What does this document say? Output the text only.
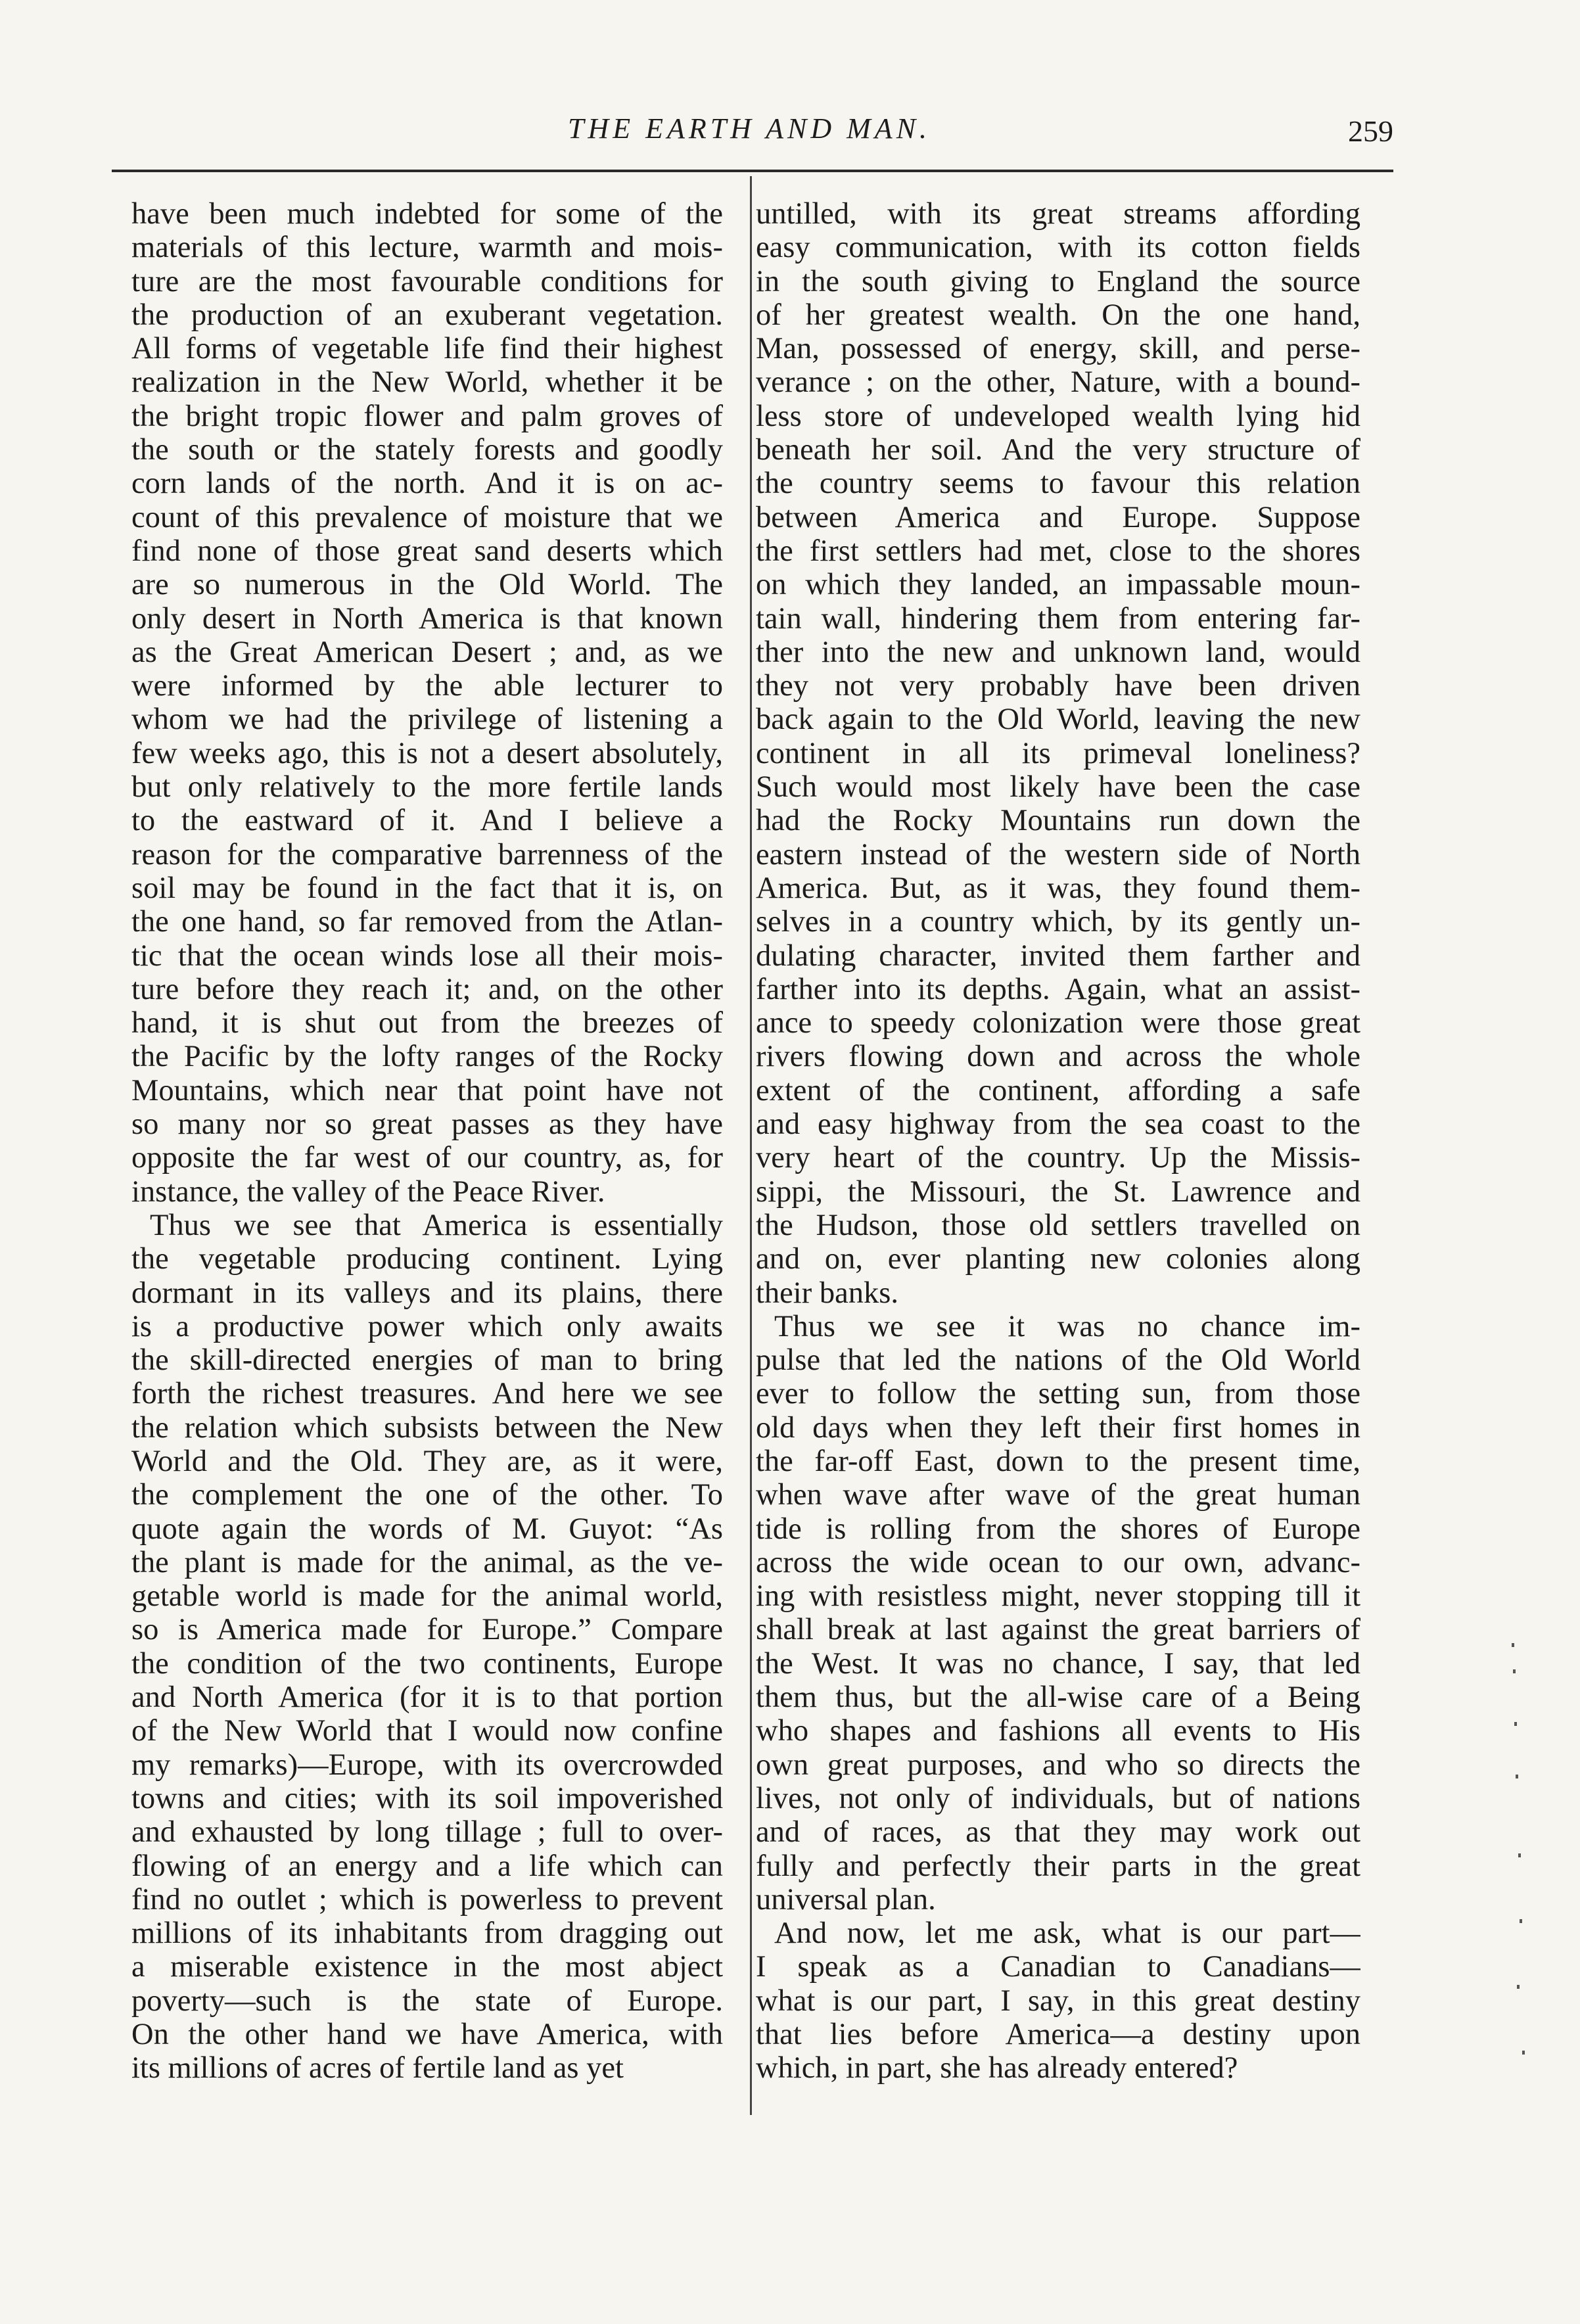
THE EARTH AND MAN.	259
have been much indebted for some of the
materials of this lecture, warmth and mois-
ture are the most favourable conditions for
the production of an exuberant vegetation.
All forms of vegetable life find their highest
realization in the New World, whether it be
the bright tropic flower and palm groves of
the south or the stately forests and goodly
corn lands of the north. And it is on ac-
count of this prevalence of moisture that we
find none of those great sand deserts which
are so numerous in the Old World. The
only desert in North America is that known
as the Great American Desert ; and, as we
were informed by the able lecturer to
whom we had the privilege of listening a
few weeks ago, this is not a desert absolutely,
but only relatively to the more fertile lands
to the eastward of it. And I believe a
reason for the comparative barrenness of the
soil may be found in the fact that it is, on
the one hand, so far removed from the Atlan-
tic that the ocean winds lose all their mois-
ture before they reach it; and, on the other
hand, it is shut out from the breezes of
the Pacific by the lofty ranges of the Rocky
Mountains, which near that point have not
so many nor so great passes as they have
opposite the far west of our country, as, for
instance, the valley of the Peace River.
Thus we see that America is essentially
the vegetable producing continent. Lying
dormant in its valleys and its plains, there
is a productive power which only awaits
the skill-directed energies of man to bring
forth the richest treasures. And here we see
the relation which subsists between the New
World and the Old. They are, as it were,
the complement the one of the other. To
quote again the words of M. Guyot: “As
the plant is made for the animal, as the ve-
getable world is made for the animal world,
so is America made for Europe.” Compare
the condition of the two continents, Europe
and North America (for it is to that portion
of the New World that I would now confine
my remarks)—Europe, with its overcrowded
towns and cities; with its soil impoverished
and exhausted by long tillage ; full to over-
flowing of an energy and a life which can
find no outlet ; which is powerless to prevent
millions of its inhabitants from dragging out
a miserable existence in the most abject
poverty—such is the state of Europe.
On the other hand we have America, with
its millions of acres of fertile land as yet
untilled, with its great streams affording
easy communication, with its cotton fields
in the south giving to England the source
of her greatest wealth. On the one hand,
Man, possessed of energy, skill, and perse-
verance ; on the other, Nature, with a bound-
less store of undeveloped wealth lying hid
beneath her soil. And the very structure of
the country seems to favour this relation
between America and Europe. Suppose
the first settlers had met, close to the shores
on which they landed, an impassable moun-
tain wall, hindering them from entering far-
ther into the new and unknown land, would
they not very probably have been driven
back again to the Old World, leaving the new
continent in all its primeval loneliness?
Such would most likely have been the case
had the Rocky Mountains run down the
eastern instead of the western side of North
America. But, as it was, they found them-
selves in a country which, by its gently un-
dulating character, invited them farther and
farther into its depths. Again, what an assist-
ance to speedy colonization were those great
rivers flowing down and across the whole
extent of the continent, affording a safe
and easy highway from the sea coast to the
very heart of the country. Up the Missis-
sippi, the Missouri, the St. Lawrence and
the Hudson, those old settlers travelled on
and on, ever planting new colonies along
their banks.
Thus we see it was no chance im-
pulse that led the nations of the Old World
ever to follow the setting sun, from those
old days when they left their first homes in
the far-off East, down to the present time,
when wave after wave of the great human
tide is rolling from the shores of Europe
across the wide ocean to our own, advanc-
ing with resistless might, never stopping till it
shall break at last against the great barriers of
the West. It was no chance, I say, that led
them thus, but the all-wise care of a Being
who shapes and fashions all events to His
own great purposes, and who so directs the
lives, not only of individuals, but of nations
and of races, as that they may work out
fully and perfectly their parts in the great
universal plan.
And now, let me ask, what is our part—
I speak as a Canadian to Canadians—
what is our part, I say, in this great destiny
that lies before America—a destiny upon
which, in part, she has already entered?
